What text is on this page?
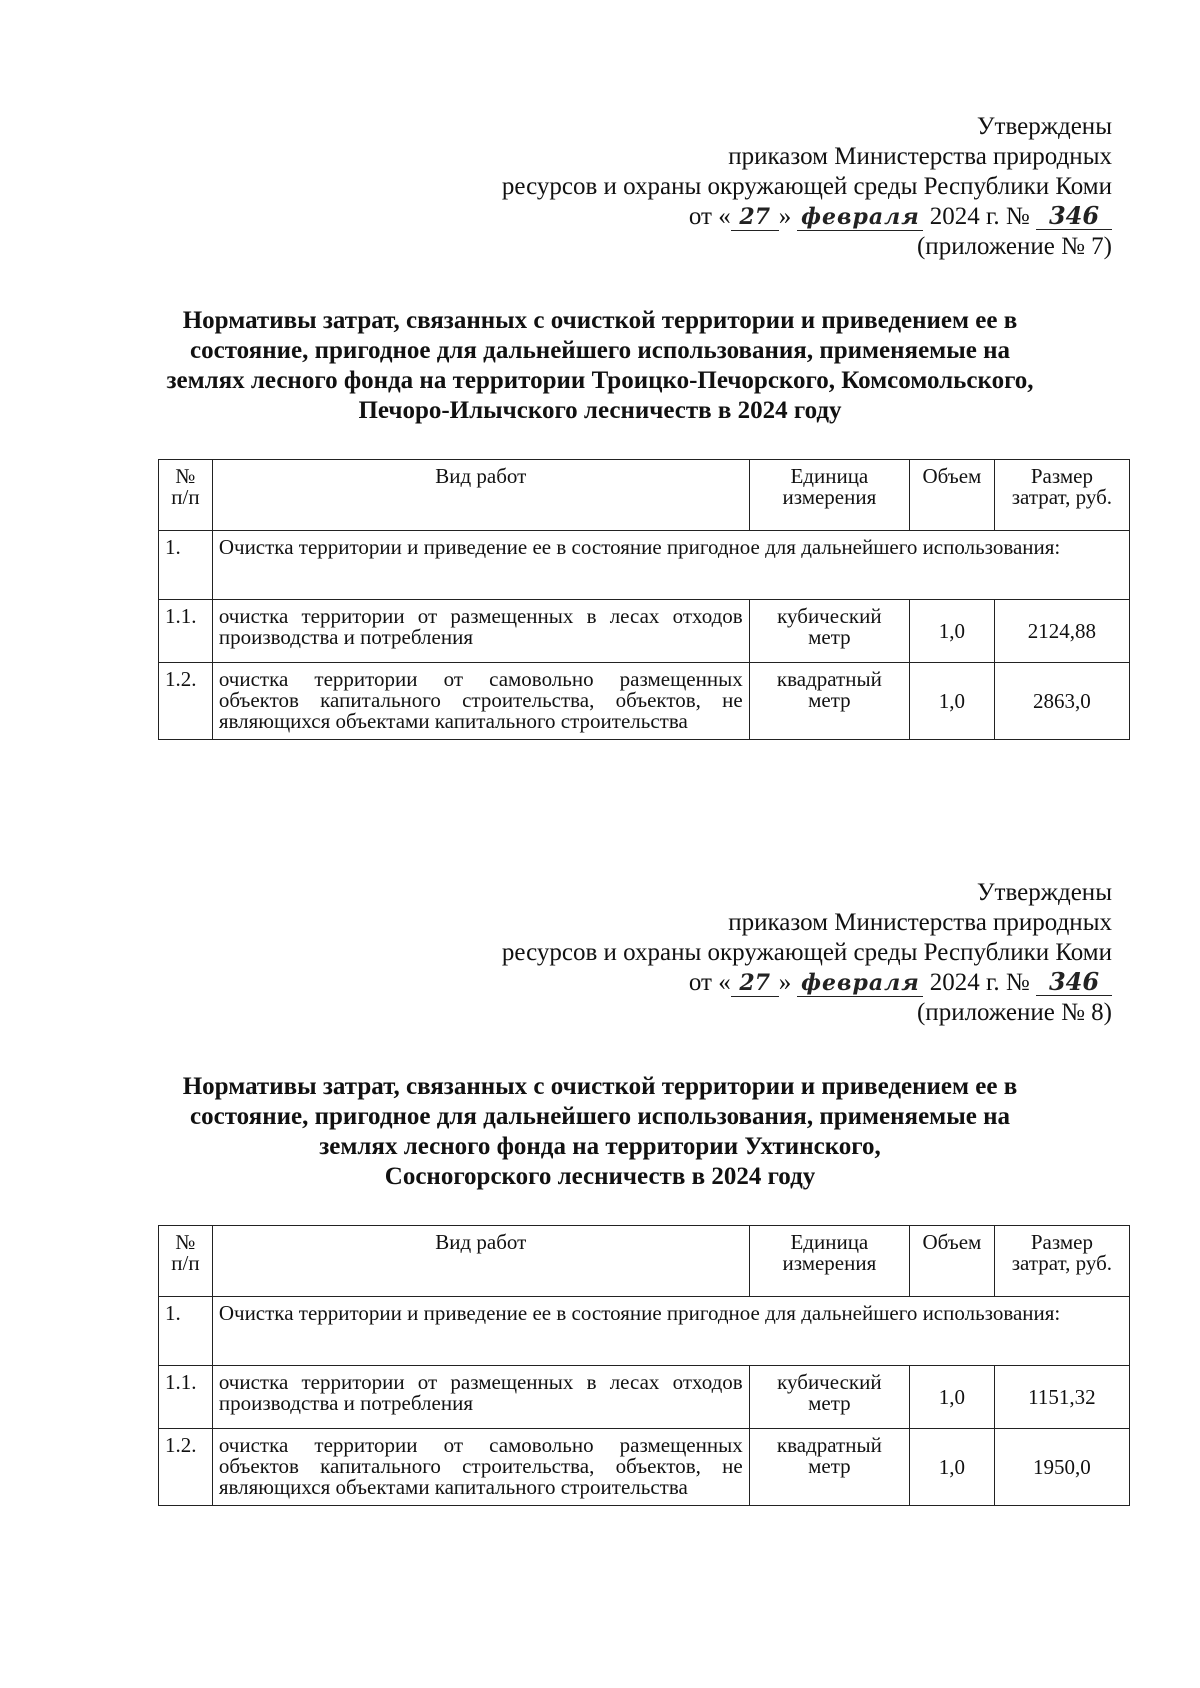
Утверждены
приказом Министерства природных
ресурсов и охраны окружающей среды Республики Коми
от « 27 » февраля 2024 г. № 346
(приложение № 7)
Нормативы затрат, связанных с очисткой территории и приведением ее в
состояние, пригодное для дальнейшего использования, применяемые на
землях лесного фонда на территории Троицко-Печорского, Комсомольского,
Печоро-Илычского лесничеств в 2024 году
№ п/п	Вид работ	Единица измерения	Объем	Размер затрат, руб.
1.	Очистка территории и приведение ее в состояние пригодное для дальнейшего использования:			
1.1.	очистка территории от размещенных в лесах отходов производства и потребления	кубический метр	1,0	2124,88
1.2.	очистка территории от самовольно размещенных объектов капитального строительства, объектов, не являющихся объектами капитального строительства	квадратный метр	1,0	2863,0
Утверждены
приказом Министерства природных
ресурсов и охраны окружающей среды Республики Коми
от « 27 » февраля 2024 г. № 346
(приложение № 8)
Нормативы затрат, связанных с очисткой территории и приведением ее в
состояние, пригодное для дальнейшего использования, применяемые на
землях лесного фонда на территории Ухтинского,
Сосногорского лесничеств в 2024 году
№ п/п	Вид работ	Единица измерения	Объем	Размер затрат, руб.
1.	Очистка территории и приведение ее в состояние пригодное для дальнейшего использования:			
1.1.	очистка территории от размещенных в лесах отходов производства и потребления	кубический метр	1,0	1151,32
1.2.	очистка территории от самовольно размещенных объектов капитального строительства, объектов, не являющихся объектами капитального строительства	квадратный метр	1,0	1950,0
